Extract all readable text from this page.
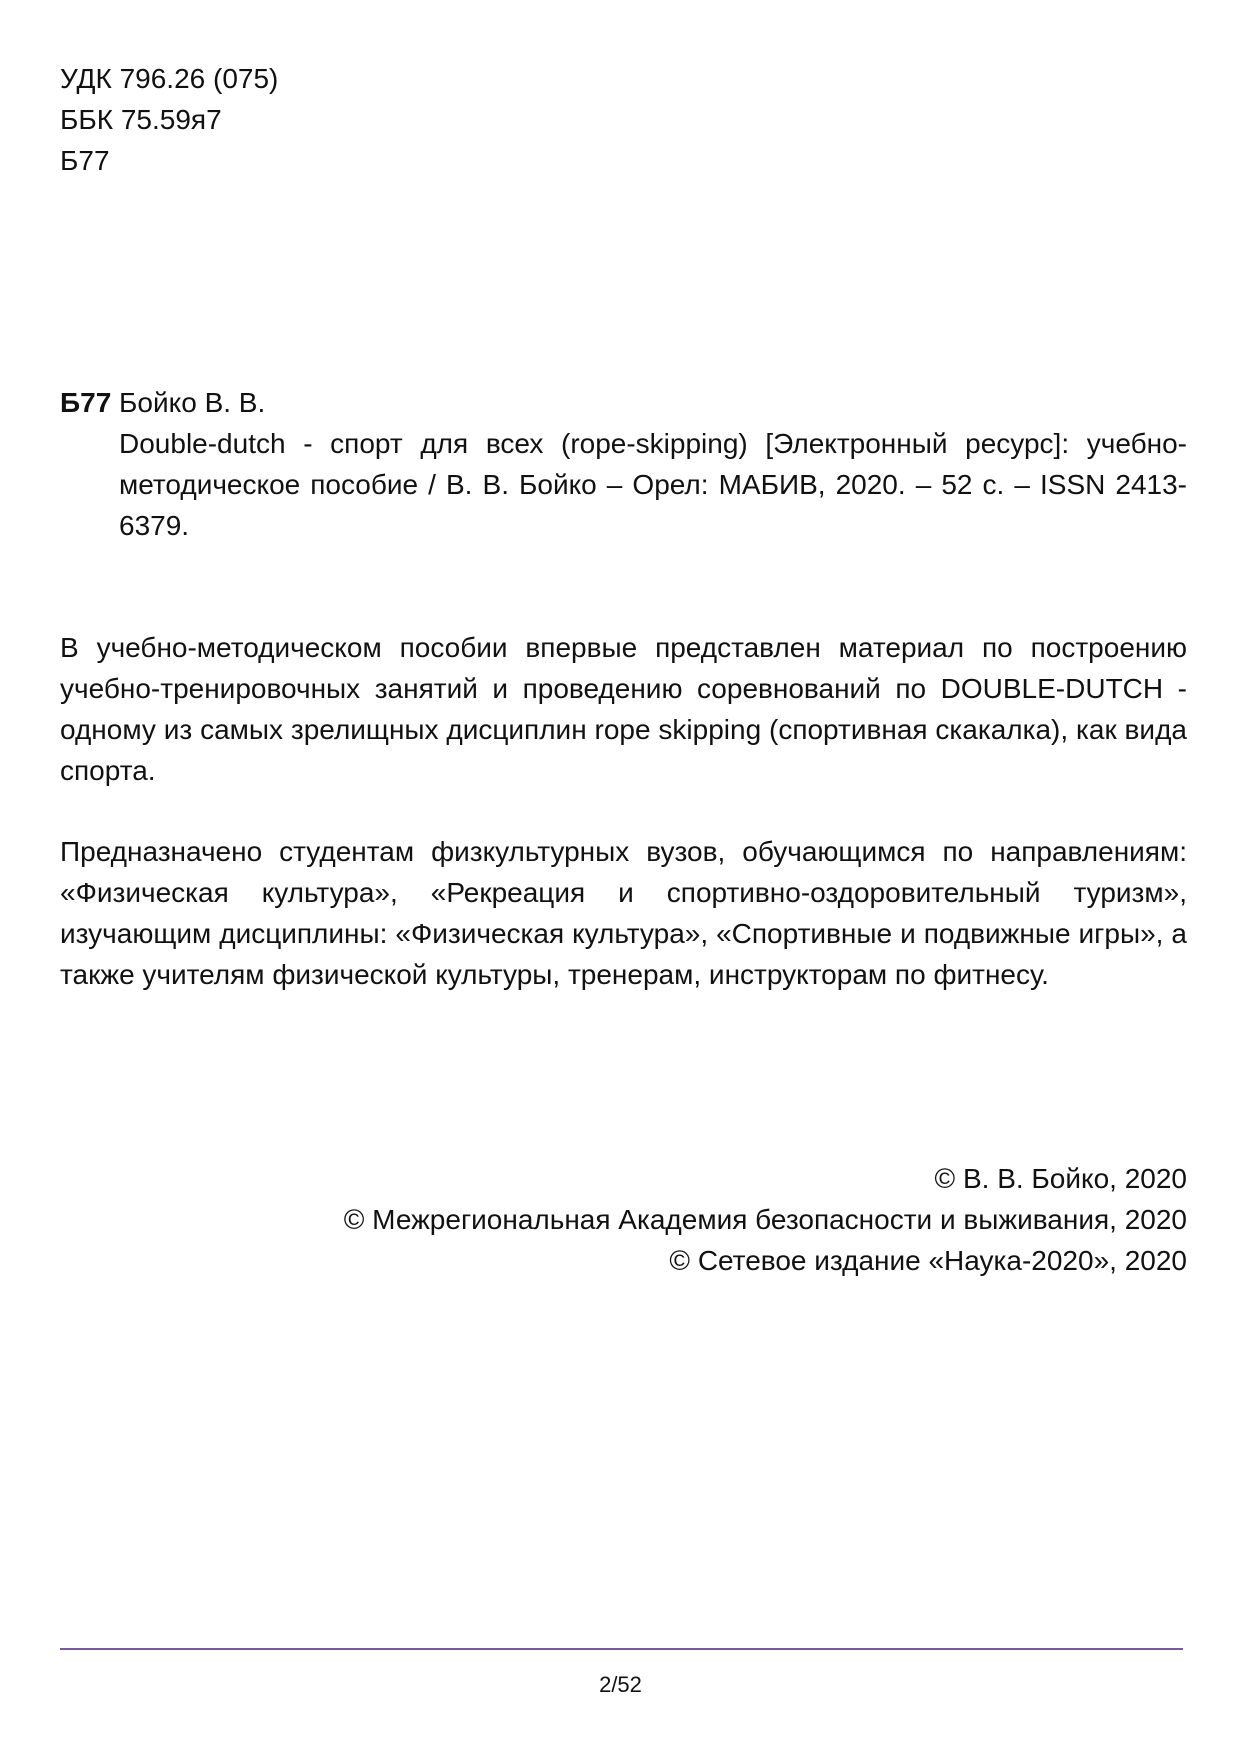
УДК 796.26 (075)
ББК 75.59я7
Б77
Б77 Бойко В. В.
Double-dutch - спорт для всех (rope-skipping) [Электронный ресурс]: учебно-методическое пособие / В. В. Бойко – Орел: МАБИВ, 2020. – 52 с. – ISSN 2413-6379.
В учебно-методическом пособии впервые представлен материал по построению учебно-тренировочных занятий и проведению соревнований по DOUBLE-DUTCH - одному из самых зрелищных дисциплин rope skipping (спортивная скакалка), как вида спорта.
Предназначено студентам физкультурных вузов, обучающимся по направлениям: «Физическая культура», «Рекреация и спортивно-оздоровительный туризм», изучающим дисциплины: «Физическая культура», «Спортивные и подвижные игры», а также учителям физической культуры, тренерам, инструкторам по фитнесу.
© В. В. Бойко, 2020
© Межрегиональная Академия безопасности и выживания, 2020
© Сетевое издание «Наука-2020», 2020
2/52
